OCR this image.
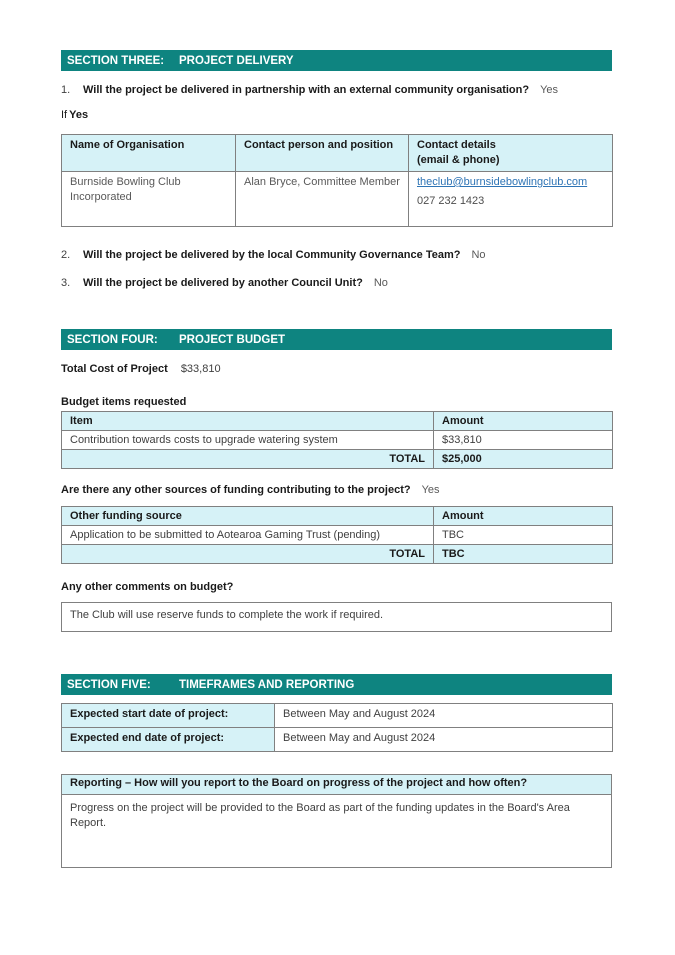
SECTION THREE:	PROJECT DELIVERY
1.	Will the project be delivered in partnership with an external community organisation? Yes
If Yes
Name of Organisation	Contact person and position	Contact details
(email & phone)

Burnside Bowling Club Incorporated	Alan Bryce, Committee Member	theclub@burnsidebowlingclub.com
027 232 1423
2.	Will the project be delivered by the local Community Governance Team? No
3.	Will the project be delivered by another Council Unit? No
SECTION FOUR:	PROJECT BUDGET
Total Cost of Project $33,810
Budget items requested
Item	Amount
Contribution towards costs to upgrade watering system	$33,810
TOTAL	$25,000
Are there any other sources of funding contributing to the project? Yes
Other funding source	Amount
Application to be submitted to Aotearoa Gaming Trust (pending)	TBC
TOTAL	TBC
Any other comments on budget?
The Club will use reserve funds to complete the work if required.
SECTION FIVE:	TIMEFRAMES AND REPORTING
Expected start date of project:	Between May and August 2024
Expected end date of project:	Between May and August 2024
Reporting – How will you report to the Board on progress of the project and how often?
Progress on the project will be provided to the Board as part of the funding updates in the Board's Area Report.
